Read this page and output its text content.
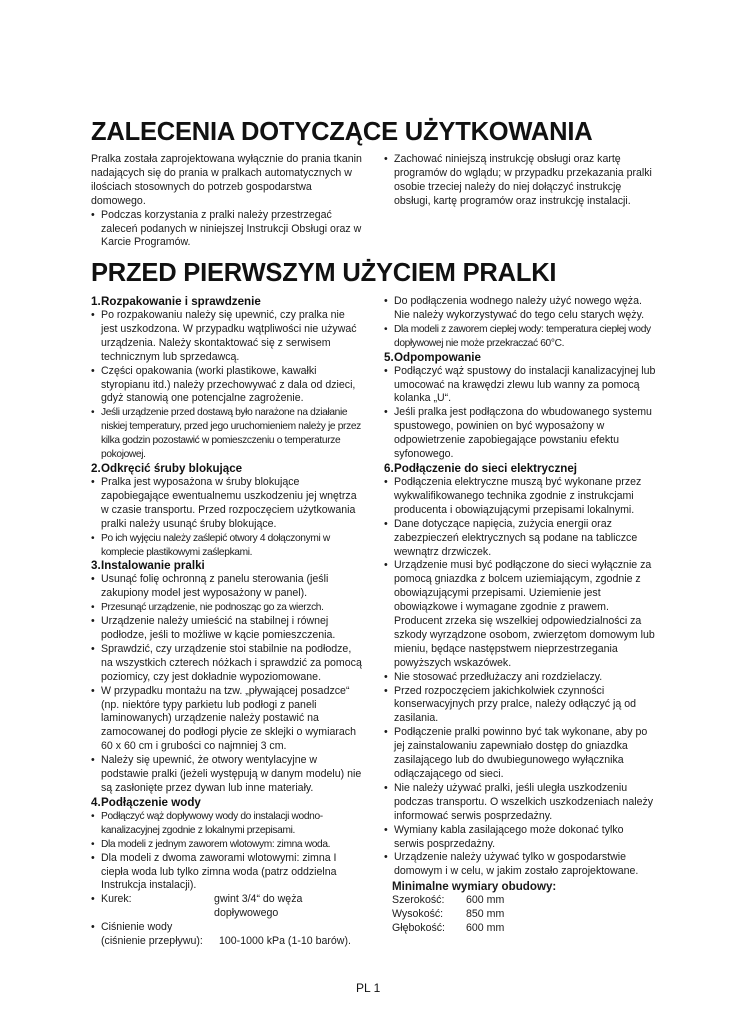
ZALECENIA DOTYCZĄCE UŻYTKOWANIA

Pralka została zaprojektowana wyłącznie do prania tkanin nadających się do prania w pralkach automatycznych w ilościach stosownych do potrzeb gospodarstwa domowego.

• Podczas korzystania z pralki należy przestrzegać zaleceń podanych w niniejszej Instrukcji Obsługi oraz w Karcie Programów.
• Zachować niniejszą instrukcję obsługi oraz kartę programów do wglądu; w przypadku przekazania pralki osobie trzeciej należy do niej dołączyć instrukcję obsługi, kartę programów oraz instrukcję instalacji.
PRZED PIERWSZYM UŻYCIEM PRALKI
1. Rozpakowanie i sprawdzenie
• Po rozpakowaniu należy się upewnić, czy pralka nie jest uszkodzona. W przypadku wątpliwości nie używać urządzenia. Należy skontaktować się z serwisem technicznym lub sprzedawcą.
• Części opakowania (worki plastikowe, kawałki styropianu itd.) należy przechowywać z dala od dzieci, gdyż stanowią one potencjalne zagrożenie.
• Jeśli urządzenie przed dostawą było narażone na działanie niskiej temperatury, przed jego uruchomieniem należy je przez kilka godzin pozostawić w pomieszczeniu o temperaturze pokojowej.
2. Odkręcić śruby blokujące
• Pralka jest wyposażona w śruby blokujące zapobiegające ewentualnemu uszkodzeniu jej wnętrza w czasie transportu. Przed rozpoczęciem użytkowania pralki należy usunąć śruby blokujące.
• Po ich wyjęciu należy zaślepić otwory 4 dołączonymi w komplecie plastikowymi zaślepkami.
3. Instalowanie pralki
• Usunąć folię ochronną z panelu sterowania (jeśli zakupiony model jest wyposażony w panel).
• Przesunąć urządzenie, nie podnosząc go za wierzch.
• Urządzenie należy umieścić na stabilnej i równej podłodze, jeśli to możliwe w kącie pomieszczenia.
• Sprawdzić, czy urządzenie stoi stabilnie na podłodze, na wszystkich czterech nóżkach i sprawdzić za pomocą poziomicy, czy jest dokładnie wypoziomowane.
• W przypadku montażu na tzw. „pływającej posadzce“ (np. niektóre typy parkietu lub podłogi z paneli laminowanych) urządzenie należy postawić na zamocowanej do podłogi płycie ze sklejki o wymiarach 60 x 60 cm i grubości co najmniej 3 cm.
• Należy się upewnić, że otwory wentylacyjne w podstawie pralki (jeżeli występują w danym modelu) nie są zasłonięte przez dywan lub inne materiały.
4. Podłączenie wody
• Podłączyć wąż dopływowy wody do instalacji wodno-kanalizacyjnej zgodnie z lokalnymi przepisami.
• Dla modeli z jednym zaworem wlotowym: zimna woda.
• Dla modeli z dwoma zaworami wlotowymi: zimna I ciepła woda lub tylko zimna woda (patrz oddzielna Instrukcja instalacji).
• Kurek:	gwint 3/4“ do węża dopływowego
• Ciśnienie wody
(ciśnienie przepływu):	100-1000 kPa (1-10 barów).
• Do podłączenia wodnego należy użyć nowego węża. Nie należy wykorzystywać do tego celu starych węży.
• Dla modeli z zaworem ciepłej wody: temperatura ciepłej wody dopływowej nie może przekraczać 60°C.
5. Odpompowanie
• Podłączyć wąż spustowy do instalacji kanalizacyjnej lub umocować na krawędzi zlewu lub wanny za pomocą kolanka „U“.
• Jeśli pralka jest podłączona do wbudowanego systemu spustowego, powinien on być wyposażony w odpowietrzenie zapobiegające powstaniu efektu syfonowego.
6. Podłączenie do sieci elektrycznej
• Podłączenia elektryczne muszą być wykonane przez wykwalifikowanego technika zgodnie z instrukcjami producenta i obowiązującymi przepisami lokalnymi.
• Dane dotyczące napięcia, zużycia energii oraz zabezpieczeń elektrycznych są podane na tabliczce wewnątrz drzwiczek.
• Urządzenie musi być podłączone do sieci wyłącznie za pomocą gniazdka z bolcem uziemiającym, zgodnie z obowiązującymi przepisami. Uziemienie jest obowiązkowe i wymagane zgodnie z prawem. Producent zrzeka się wszelkiej odpowiedzialności za szkody wyrządzone osobom, zwierzętom domowym lub mieniu, będące następstwem nieprzestrzegania powyższych wskazówek.
• Nie stosować przedłużaczy ani rozdzielaczy.
• Przed rozpoczęciem jakichkolwiek czynności konserwacyjnych przy pralce, należy odłączyć ją od zasilania.
• Podłączenie pralki powinno być tak wykonane, aby po jej zainstalowaniu zapewniało dostęp do gniazdka zasilającego lub do dwubiegunowego wyłącznika odłączającego od sieci.
• Nie należy używać pralki, jeśli uległa uszkodzeniu podczas transportu. O wszelkich uszkodzeniach należy informować serwis posprzedażny.
• Wymiany kabla zasilającego może dokonać tylko serwis posprzedażny.
• Urządzenie należy używać tylko w gospodarstwie domowym i w celu, w jakim zostało zaprojektowane.
Minimalne wymiary obudowy:
Szerokość:	600 mm
Wysokość:	850 mm
Głębokość:	600 mm
PL 1
